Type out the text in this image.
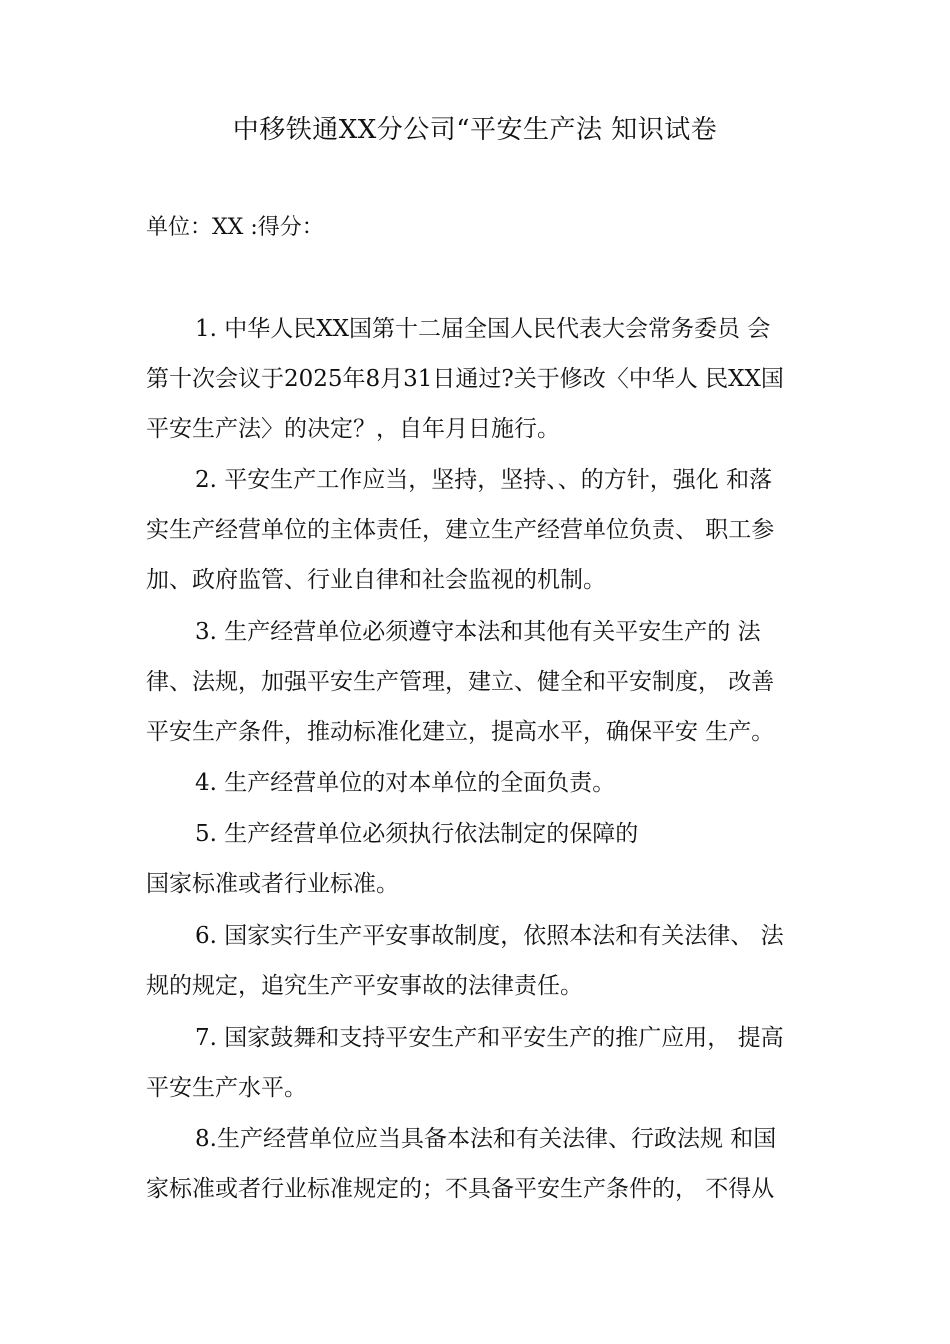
中移铁通XX分公司“平安生产法 知识试卷
单位：XX :得分：
1. 中华人民XX国第十二届全国人民代表大会常务委员 会
第十次会议于2025年8月31日通过?关于修改〈中华人 民XX国
平安生产法〉的决定？，自年月日施行。
2. 平安生产工作应当，坚持，坚持、、的方针，强化 和落
实生产经营单位的主体责任，建立生产经营单位负责、 职工参
加、政府监管、行业自律和社会监视的机制。
3. 生产经营单位必须遵守本法和其他有关平安生产的 法
律、法规，加强平安生产管理，建立、健全和平安制度， 改善
平安生产条件，推动标准化建立，提高水平，确保平安 生产。
4. 生产经营单位的对本单位的全面负责。
5. 生产经营单位必须执行依法制定的保障的
国家标准或者行业标准。
6. 国家实行生产平安事故制度，依照本法和有关法律、 法
规的规定，追究生产平安事故的法律责任。
7. 国家鼓舞和支持平安生产和平安生产的推广应用， 提高
平安生产水平。
8.生产经营单位应当具备本法和有关法律、行政法规 和国
家标准或者行业标准规定的；不具备平安生产条件的， 不得从
